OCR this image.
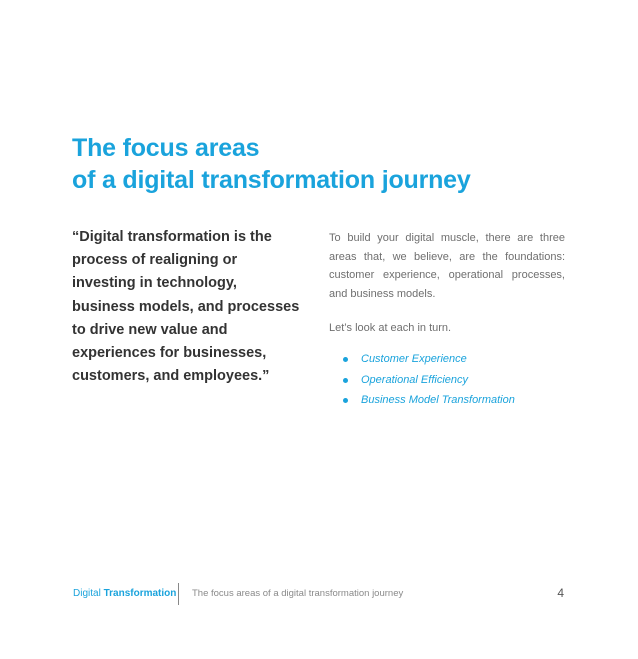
The focus areas
of a digital transformation journey
“Digital transformation is the
process of realigning or
investing in technology,
business models, and processes
to drive new value and
experiences for businesses,
customers, and employees.”

To build your digital muscle, there are three areas that, we believe, are the foundations: customer experience, operational processes, and business models.

Let’s look at each in turn.

Customer Experience
Operational Efficiency
Business Model Transformation
Digital Transformation The focus areas of a digital transformation journey	4
